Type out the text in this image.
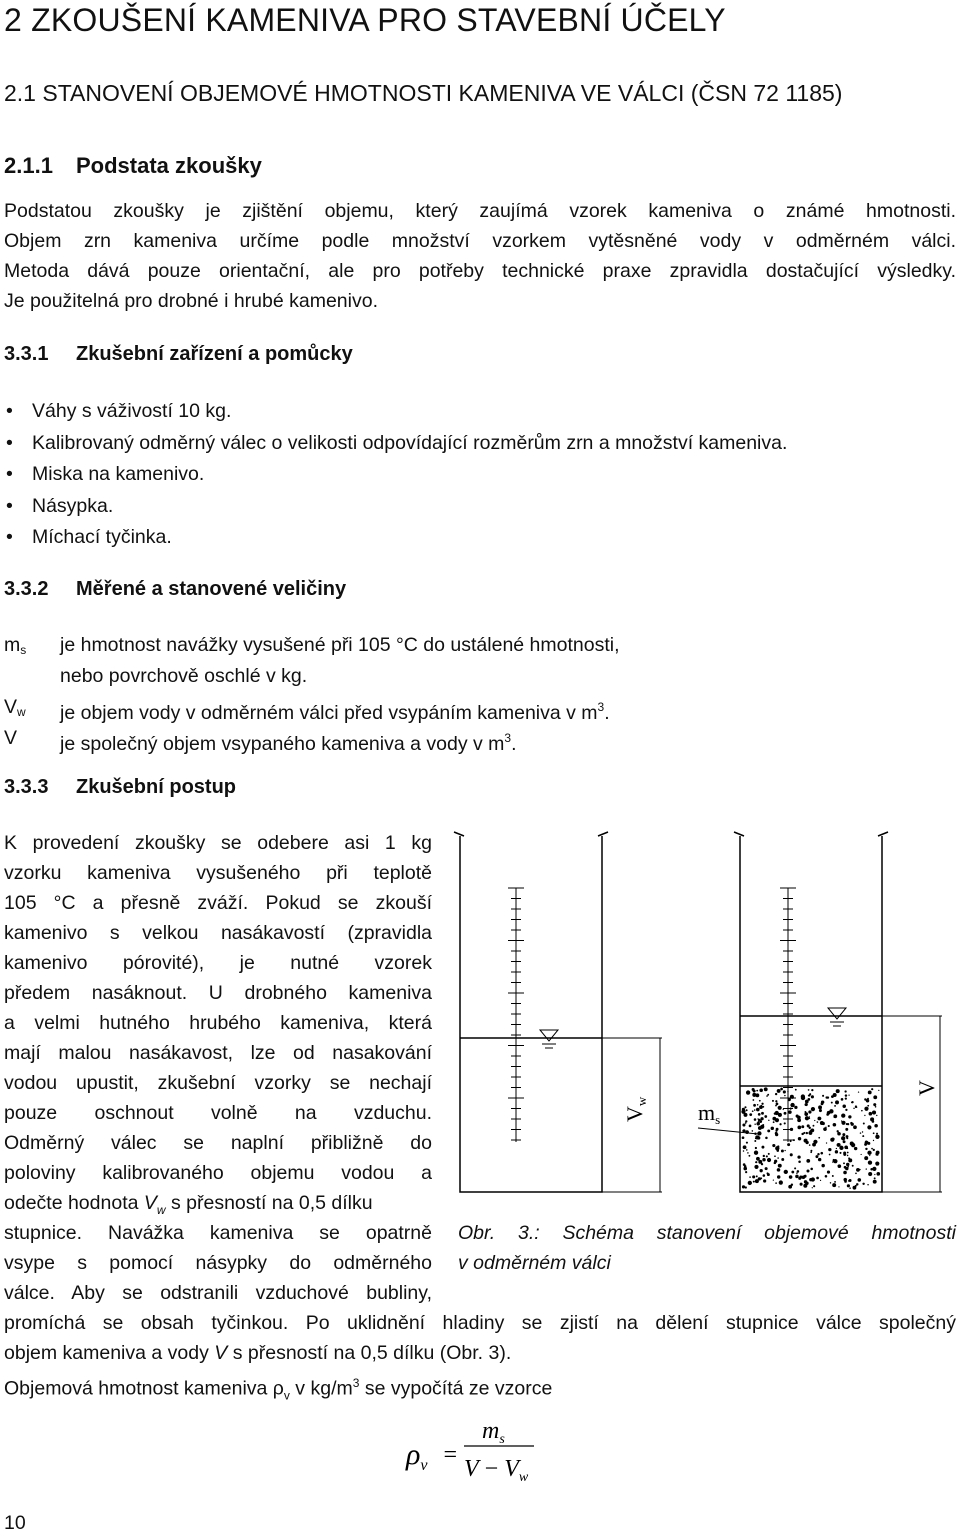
2 ZKOUŠENÍ KAMENIVA PRO STAVEBNÍ ÚČELY
2.1 STANOVENÍ OBJEMOVÉ HMOTNOSTI KAMENIVA VE VÁLCI (ČSN 72 1185)
2.1.1 Podstata zkoušky
Podstatou zkoušky je zjištění objemu, který zaujímá vzorek kameniva o známé hmotnosti.
Objem zrn kameniva určíme podle množství vzorkem vytěsněné vody v odměrném válci.
Metoda dává pouze orientační, ale pro potřeby technické praxe zpravidla dostačující výsledky.
Je použitelná pro drobné i hrubé kamenivo.
3.3.1 Zkušební zařízení a pomůcky
• Váhy s váživostí 10 kg.
• Kalibrovaný odměrný válec o velikosti odpovídající rozměrům zrn a množství kameniva.
• Miska na kamenivo.
• Násypka.
• Míchací tyčinka.
3.3.2 Měřené a stanovené veličiny
$m_s$	je hmotnost navážky vysušené při 105 °C do ustálené hmotnosti,
nebo povrchově oschlé v kg.
$V_w$	je objem vody v odměrném válci před vsypáním kameniva v $m^3$.
V	je společný objem vsypaného kameniva a vody v $m^3$.
3.3.3 Zkušební postup
K provedení zkoušky se odebere asi 1 kg
vzorku kameniva vysušeného při teplotě
105 °C a přesně zváží. Pokud se zkouší
kamenivo s velkou nasákavostí (zpravidla
kamenivo pórovité), je nutné vzorek
předem nasáknout. U drobného kameniva
a velmi hutného hrubého kameniva, která
mají malou nasákavost, lze od nasakování
vodou upustit, zkušební vzorky se nechají
pouze oschnout volně na vzduchu.
Odměrný válec se naplní přibližně do
poloviny kalibrovaného objemu vodou a
odečte hodnota $V_w$ s přesností na 0,5 dílku
stupnice. Navážka kameniva se opatrně
vsype s pomocí násypky do odměrného
válce. Aby se odstranili vzduchové bubliny,
Vw
V
ms
Obr. 3.: Schéma stanovení objemové hmotnosti
v odměrném válci
promíchá se obsah tyčinkou. Po uklidnění hladiny se zjistí na dělení stupnice válce společný
objem kameniva a vody V s přesností na 0,5 dílku (Obr. 3).
Objemová hmotnost kameniva $\rho_v$ v $kg/m^3$ se vypočítá ze vzorce
$\rho_v$ =
$m_s$
$V - V_w$
10
